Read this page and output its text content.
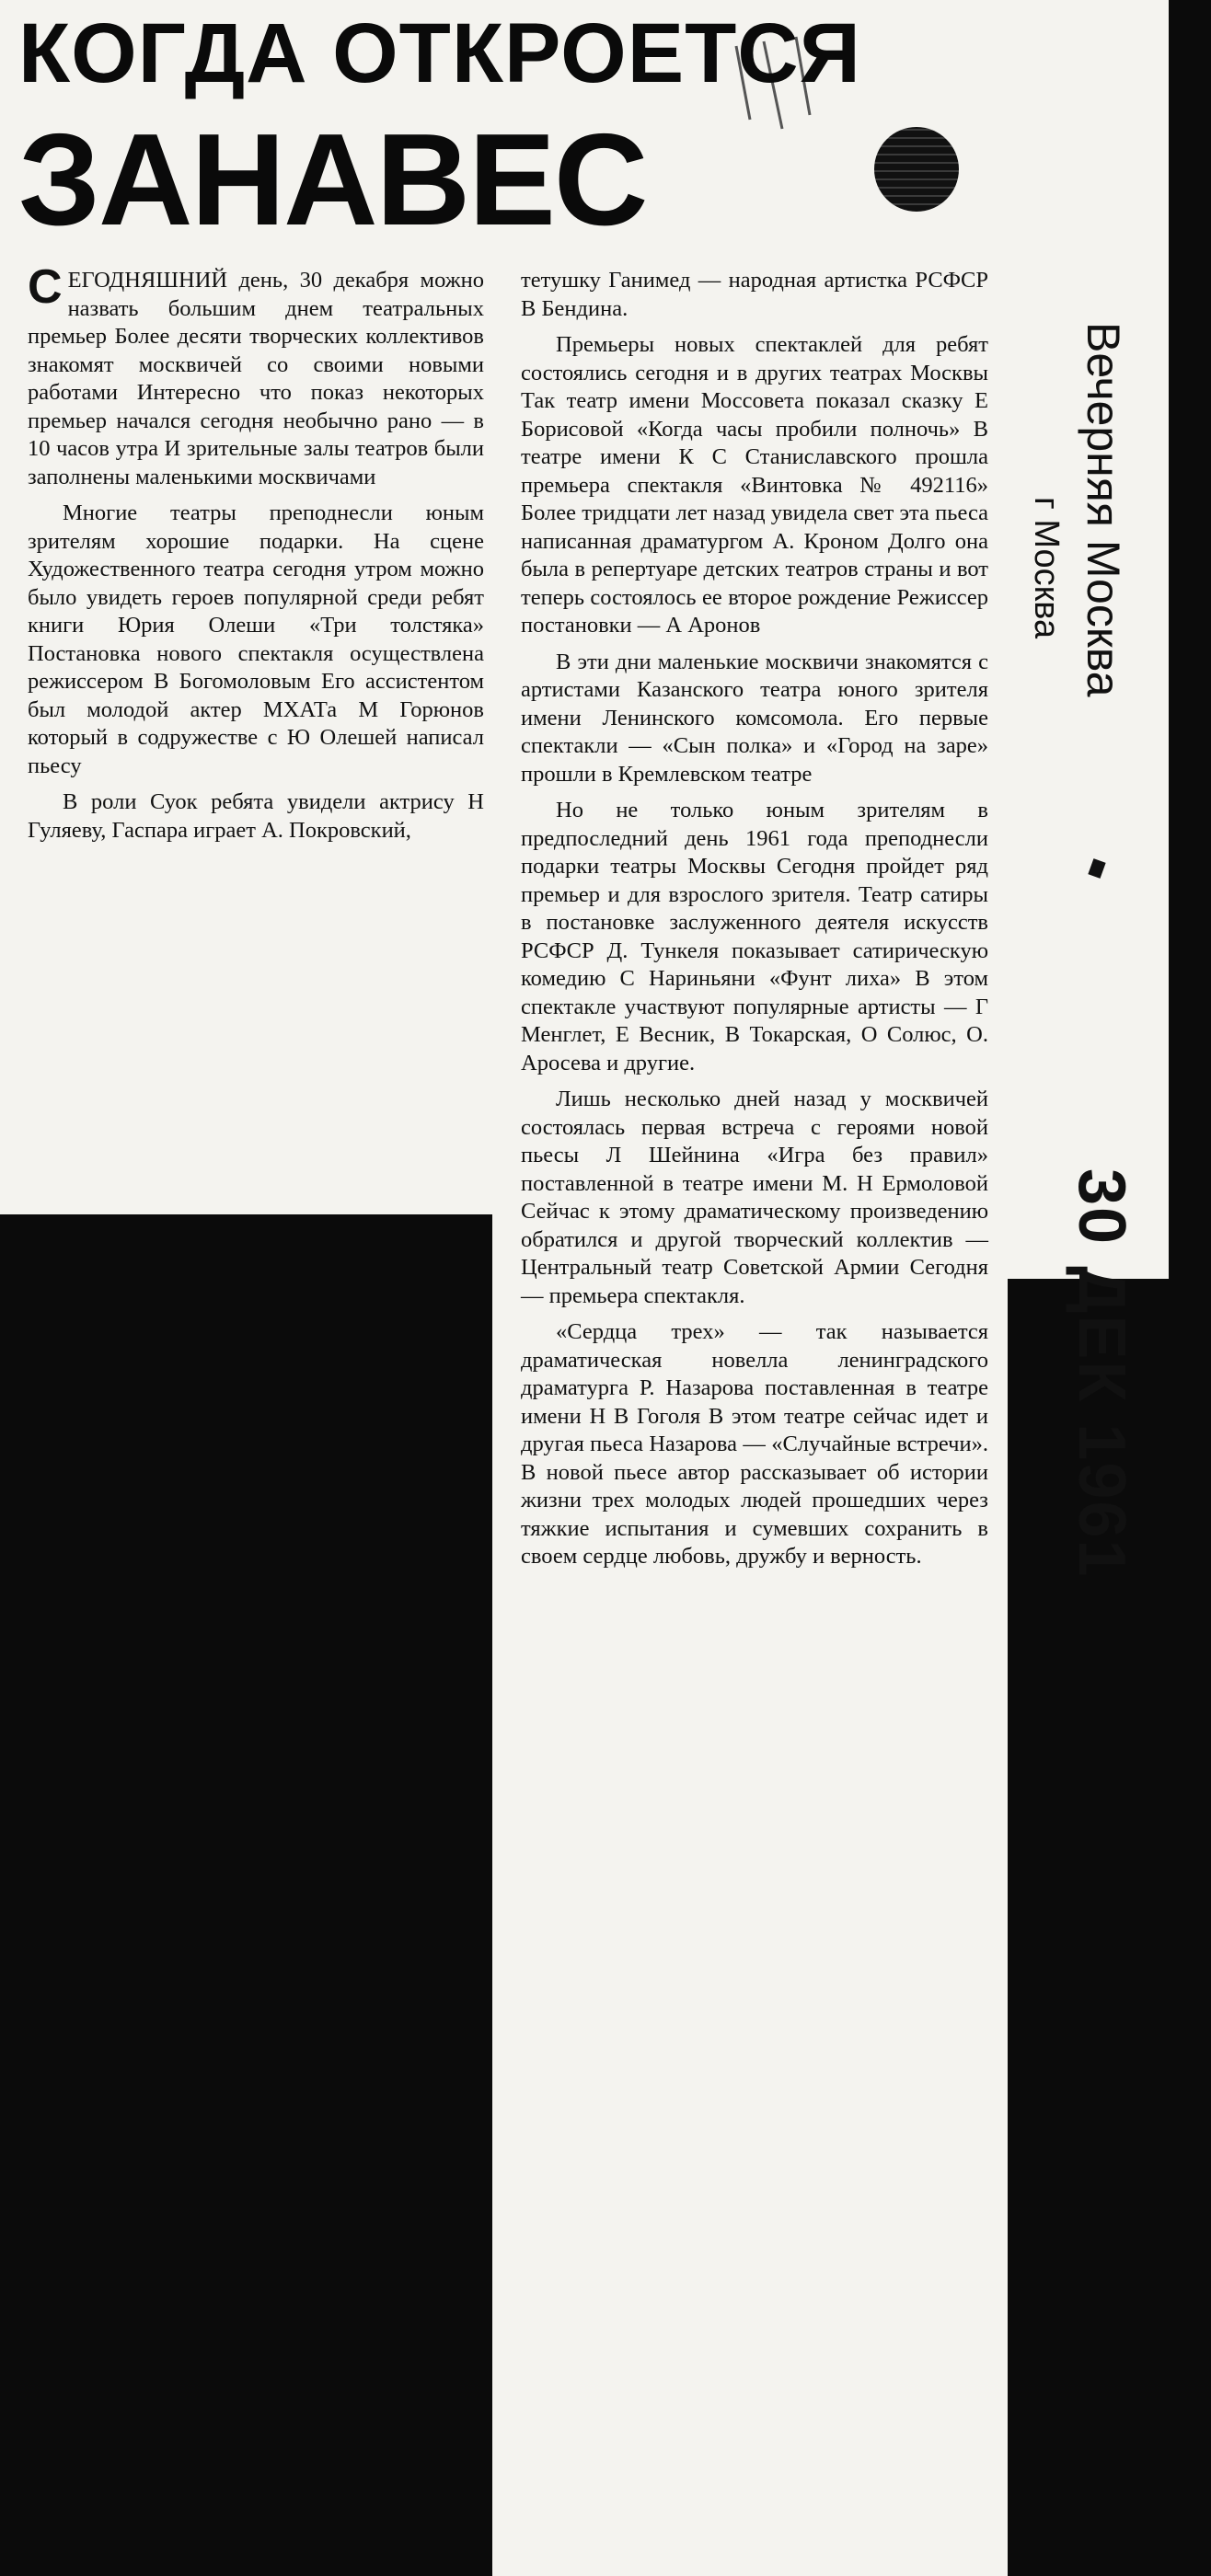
КОГДА ОТКРОЕТСЯ
ЗАНАВЕС

СЕГОДНЯШНИЙ день, 30 декабря можно назвать большим днем театральных премьер Более десяти творческих коллективов знакомят москвичей со своими новыми работами Интересно что показ некоторых премьер начался сегодня необычно рано — в 10 часов утра И зрительные залы театров были заполнены маленькими москвичами

Многие театры преподнесли юным зрителям хорошие подарки. На сцене Художественного театра сегодня утром можно было увидеть героев популярной среди ребят книги Юрия Олеши «Три толстяка» Постановка нового спектакля осуществлена режиссером В Богомоловым Его ассистентом был молодой актер МХАТа М Горюнов который в содружестве с Ю Олешей написал пьесу

В роли Суок ребята увидели актрису Н Гуляеву, Гаспара играет А. Покровский,

тетушку Ганимед — народная артистка РСФСР В Бендина.

Премьеры новых спектаклей для ребят состоялись сегодня и в других театрах Москвы Так театр имени Моссовета показал сказку Е Борисовой «Когда часы пробили полночь» В театре имени К С Станиславского прошла премьера спектакля «Винтовка № 492116» Более тридцати лет назад увидела свет эта пьеса написанная драматургом А. Кроном Долго она была в репертуаре детских театров страны и вот теперь состоялось ее второе рождение Режиссер постановки — А Аронов

В эти дни маленькие москвичи знакомятся с артистами Казанского театра юного зрителя имени Ленинского комсомола. Его первые спектакли — «Сын полка» и «Город на заре» прошли в Кремлевском театре

Но не только юным зрителям в предпоследний день 1961 года преподнесли подарки театры Москвы Сегодня пройдет ряд премьер и для взрослого зрителя. Театр сатиры в постановке заслуженного деятеля искусств РСФСР Д. Тункеля показывает сатирическую комедию С Нариньяни «Фунт лиха» В этом спектакле участвуют популярные артисты — Г Менглет, Е Весник, В Токарская, О Солюс, О. Аросева и другие.

Лишь несколько дней назад у москвичей состоялась первая встреча с героями новой пьесы Л Шейнина «Игра без правил» поставленной в театре имени М. Н Ермоловой Сейчас к этому драматическому произведению обратился и другой творческий коллектив — Центральный театр Советской Армии Сегодня — премьера спектакля.

«Сердца трех» — так называется драматическая новелла ленинградского драматурга Р. Назарова поставленная в театре имени Н В Гоголя В этом театре сейчас идет и другая пьеса Назарова — «Случайные встречи». В новой пьесе автор рассказывает об истории жизни трех молодых людей прошедших через тяжкие испытания и сумевших сохранить в своем сердце любовь, дружбу и верность.

Вечерняя Москва
г Москва
30 ДЕК 1961
